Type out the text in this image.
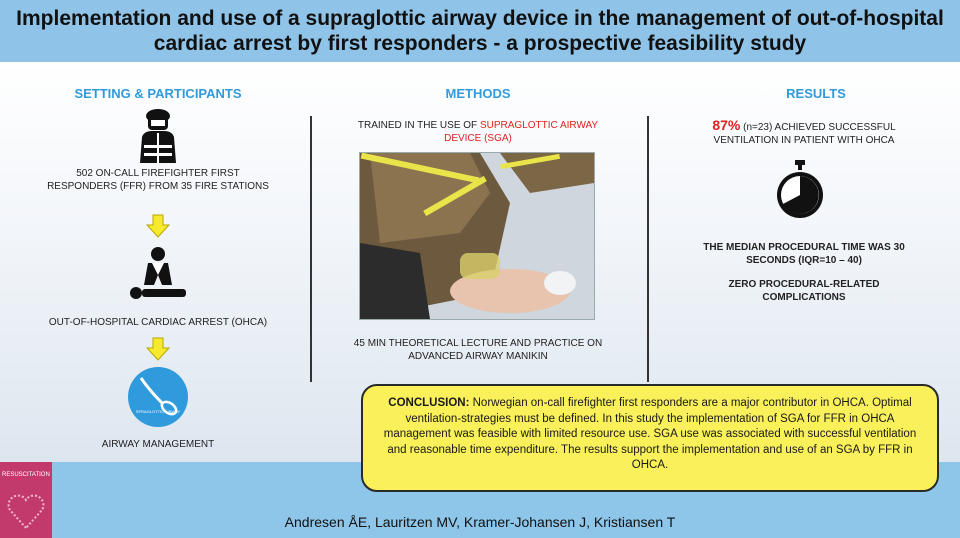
Implementation and use of a supraglottic airway device in the management of out-of-hospital cardiac arrest by first responders - a prospective feasibility study
SETTING & PARTICIPANTS	METHODS	RESULTS
502 ON-CALL FIREFIGHTER FIRST RESPONDERS (FFR) FROM 35 FIRE STATIONS
OUT-OF-HOSPITAL CARDIAC ARREST (OHCA)
SPRAGLOTTIC AIRWAY
AIRWAY MANAGEMENT
TRAINED IN THE USE OF SUPRAGLOTTIC AIRWAY DEVICE (SGA)
45 MIN THEORETICAL LECTURE AND PRACTICE ON ADVANCED AIRWAY MANIKIN
87% (n=23) ACHIEVED SUCCESSFUL VENTILATION IN PATIENT WITH OHCA
THE MEDIAN PROCEDURAL TIME WAS 30 SECONDS (IQR=10 – 40)
ZERO PROCEDURAL-RELATED COMPLICATIONS
RESUSCITATION
Andresen ÅE, Lauritzen MV, Kramer-Johansen J, Kristiansen T
CONCLUSION: Norwegian on-call firefighter first responders are a major contributor in OHCA. Optimal ventilation-strategies must be defined. In this study the implementation of SGA for FFR in OHCA management was feasible with limited resource use. SGA use was associated with successful ventilation and reasonable time expenditure. The results support the implementation and use of an SGA by FFR in OHCA.
